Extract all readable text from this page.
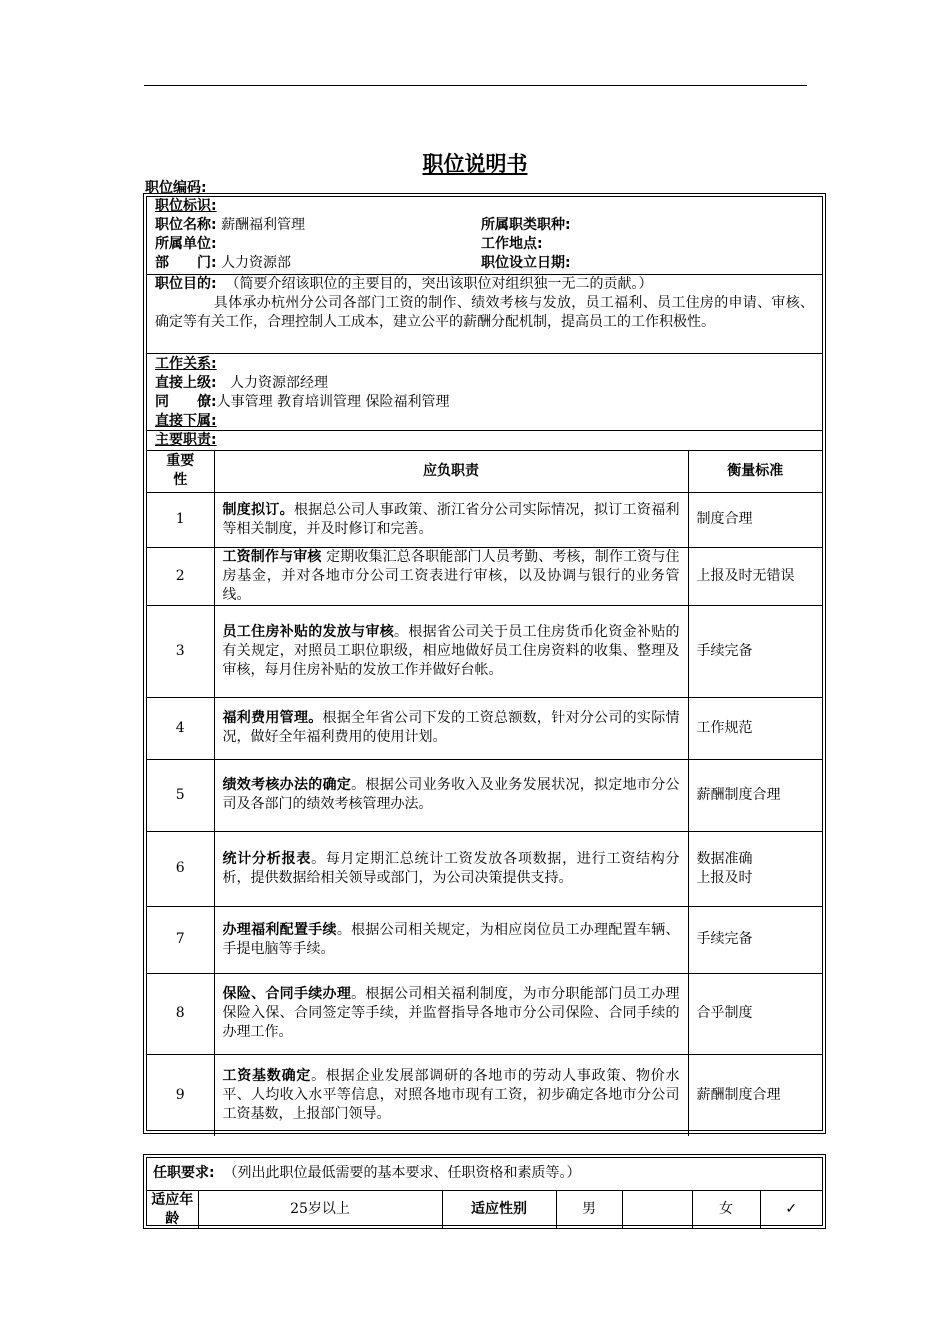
职位说明书
职位编码:
职位标识:
职位名称: 薪酬福利管理	所属职类职种:
所属单位:	工作地点:
部　　门: 人力资源部	职位设立日期:
职位目的: （简要介绍该职位的主要目的，突出该职位对组织独一无二的贡献。）
具体承办杭州分公司各部门工资的制作、绩效考核与发放，员工福利、员工住房的申请、审核、确定等有关工作，合理控制人工成本，建立公平的薪酬分配机制，提高员工的工作积极性。
工作关系:
直接上级: 人力资源部经理
同　　僚:人事管理 教育培训管理 保险福利管理
直接下属:
主要职责:
重要性	应负职责	衡量标准
1	制度拟订。根据总公司人事政策、浙江省分公司实际情况，拟订工资福利等相关制度，并及时修订和完善。	制度合理
2	工资制作与审核 定期收集汇总各职能部门人员考勤、考核，制作工资与住房基金，并对各地市分公司工资表进行审核，以及协调与银行的业务管线。	上报及时无错误
3	员工住房补贴的发放与审核。根据省公司关于员工住房货币化资金补贴的有关规定，对照员工职位职级，相应地做好员工住房资料的收集、整理及审核，每月住房补贴的发放工作并做好台帐。	手续完备
4	福利费用管理。根据全年省公司下发的工资总额数，针对分公司的实际情况，做好全年福利费用的使用计划。	工作规范
5	绩效考核办法的确定。根据公司业务收入及业务发展状况，拟定地市分公司及各部门的绩效考核管理办法。	薪酬制度合理
6	统计分析报表。每月定期汇总统计工资发放各项数据，进行工资结构分析，提供数据给相关领导或部门，为公司决策提供支持。	数据准确
上报及时
7	办理福利配置手续。根据公司相关规定，为相应岗位员工办理配置车辆、手提电脑等手续。	手续完备
8	保险、合同手续办理。根据公司相关福利制度，为市分职能部门员工办理保险入保、合同签定等手续，并监督指导各地市分公司保险、合同手续的办理工作。	合乎制度
9	工资基数确定。根据企业发展部调研的各地市的劳动人事政策、物价水平、人均收入水平等信息，对照各地市现有工资，初步确定各地市分公司工资基数，上报部门领导。	薪酬制度合理
任职要求: （列出此职位最低需要的基本要求、任职资格和素质等。）
适应年龄	25岁以上	适应性别	男		女	✓
